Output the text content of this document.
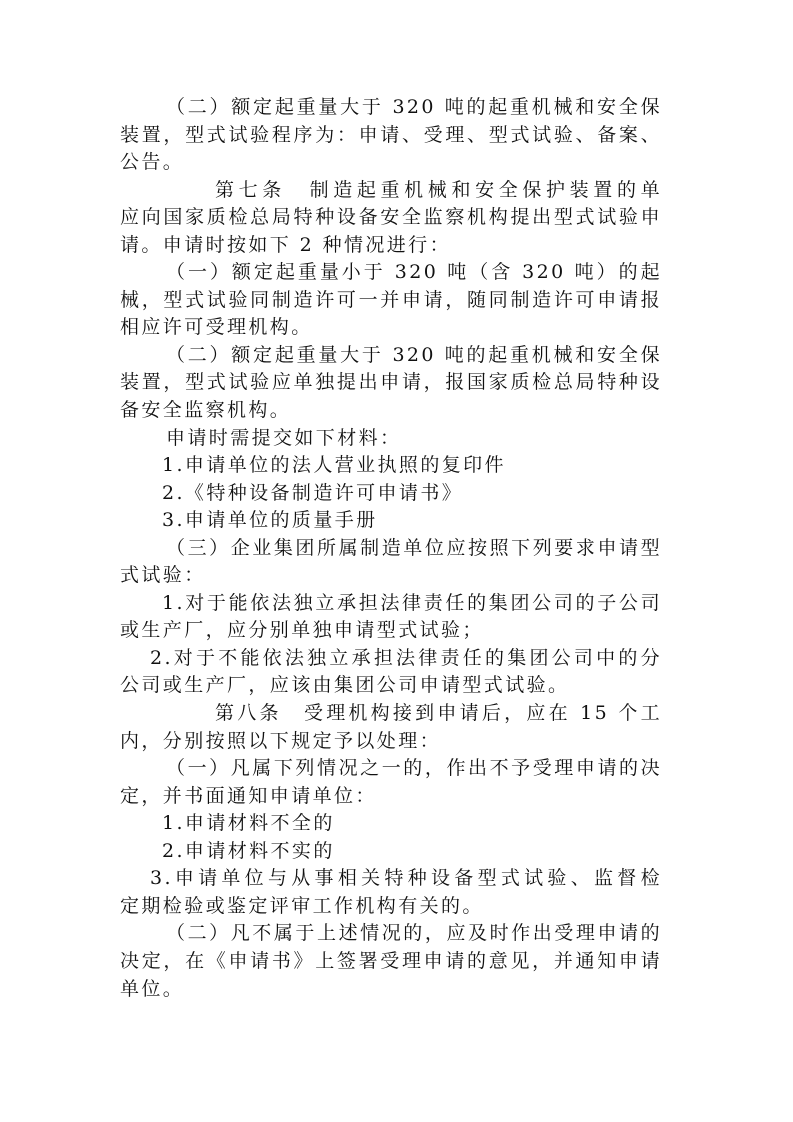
（二）额定起重量大于 320 吨的起重机械和安全保
装置，型式试验程序为：申请、受理、型式试验、备案、
公告。
第七条　制造起重机械和安全保护装置的单
应向国家质检总局特种设备安全监察机构提出型式试验申
请。申请时按如下 2 种情况进行：
（一）额定起重量小于 320 吨（含 320 吨）的起
械，型式试验同制造许可一并申请，随同制造许可申请报
相应许可受理机构。
（二）额定起重量大于 320 吨的起重机械和安全保
装置，型式试验应单独提出申请，报国家质检总局特种设
备安全监察机构。
申请时需提交如下材料：
1.申请单位的法人营业执照的复印件
2.《特种设备制造许可申请书》
3.申请单位的质量手册
（三）企业集团所属制造单位应按照下列要求申请型
式试验：
1.对于能依法独立承担法律责任的集团公司的子公司
或生产厂，应分别单独申请型式试验；
2.对于不能依法独立承担法律责任的集团公司中的分
公司或生产厂，应该由集团公司申请型式试验。
第八条　受理机构接到申请后，应在 15 个工
内，分别按照以下规定予以处理：
（一）凡属下列情况之一的，作出不予受理申请的决
定，并书面通知申请单位：
1.申请材料不全的
2.申请材料不实的
3.申请单位与从事相关特种设备型式试验、监督检
定期检验或鉴定评审工作机构有关的。
（二）凡不属于上述情况的，应及时作出受理申请的
决定，在《申请书》上签署受理申请的意见，并通知申请
单位。
